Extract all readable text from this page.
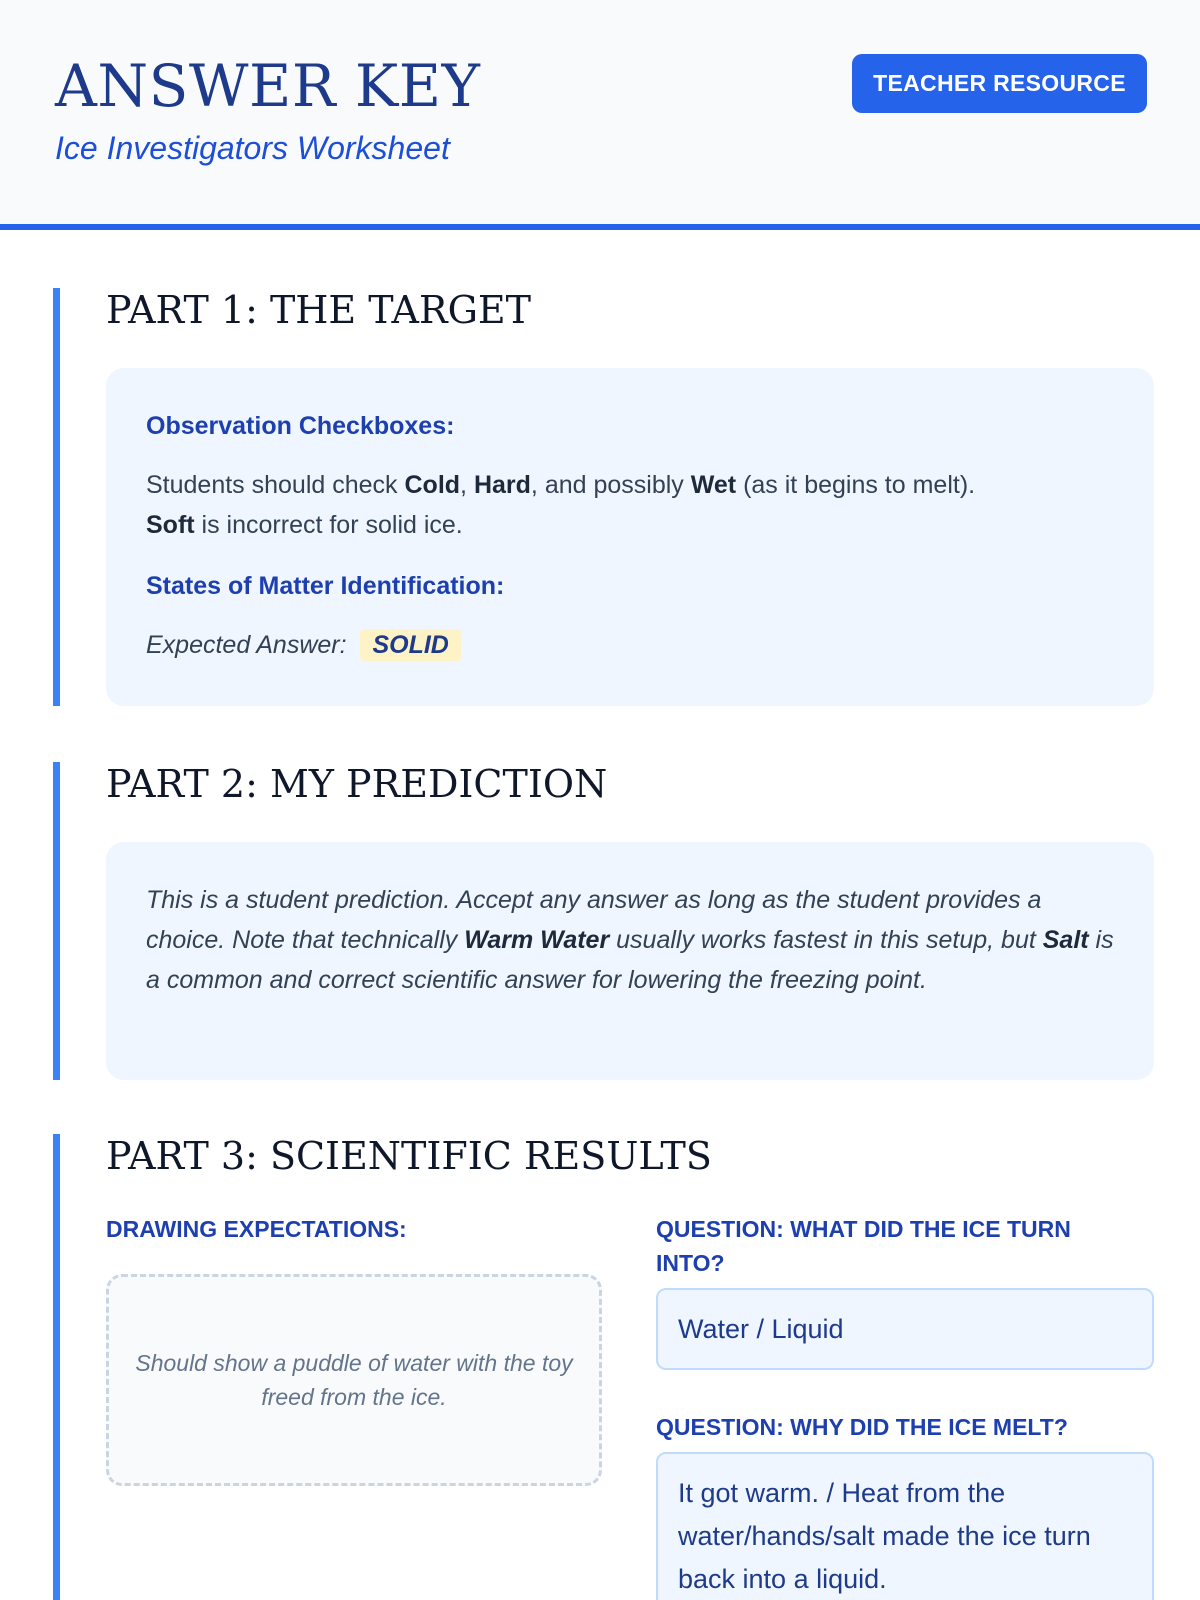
ANSWER KEY
Ice Investigators Worksheet
TEACHER RESOURCE
PART 1: THE TARGET
Observation Checkboxes:
Students should check Cold, Hard, and possibly Wet (as it begins to melt).
Soft is incorrect for solid ice.
States of Matter Identification:
Expected Answer: SOLID
PART 2: MY PREDICTION
This is a student prediction. Accept any answer as long as the student provides a choice. Note that technically Warm Water usually works fastest in this setup, but Salt is a common and correct scientific answer for lowering the freezing point.
PART 3: SCIENTIFIC RESULTS
DRAWING EXPECTATIONS:
Should show a puddle of water with the toy freed from the ice.
QUESTION: WHAT DID THE ICE TURN INTO?
Water / Liquid
QUESTION: WHY DID THE ICE MELT?
It got warm. / Heat from the water/hands/salt made the ice turn back into a liquid.
